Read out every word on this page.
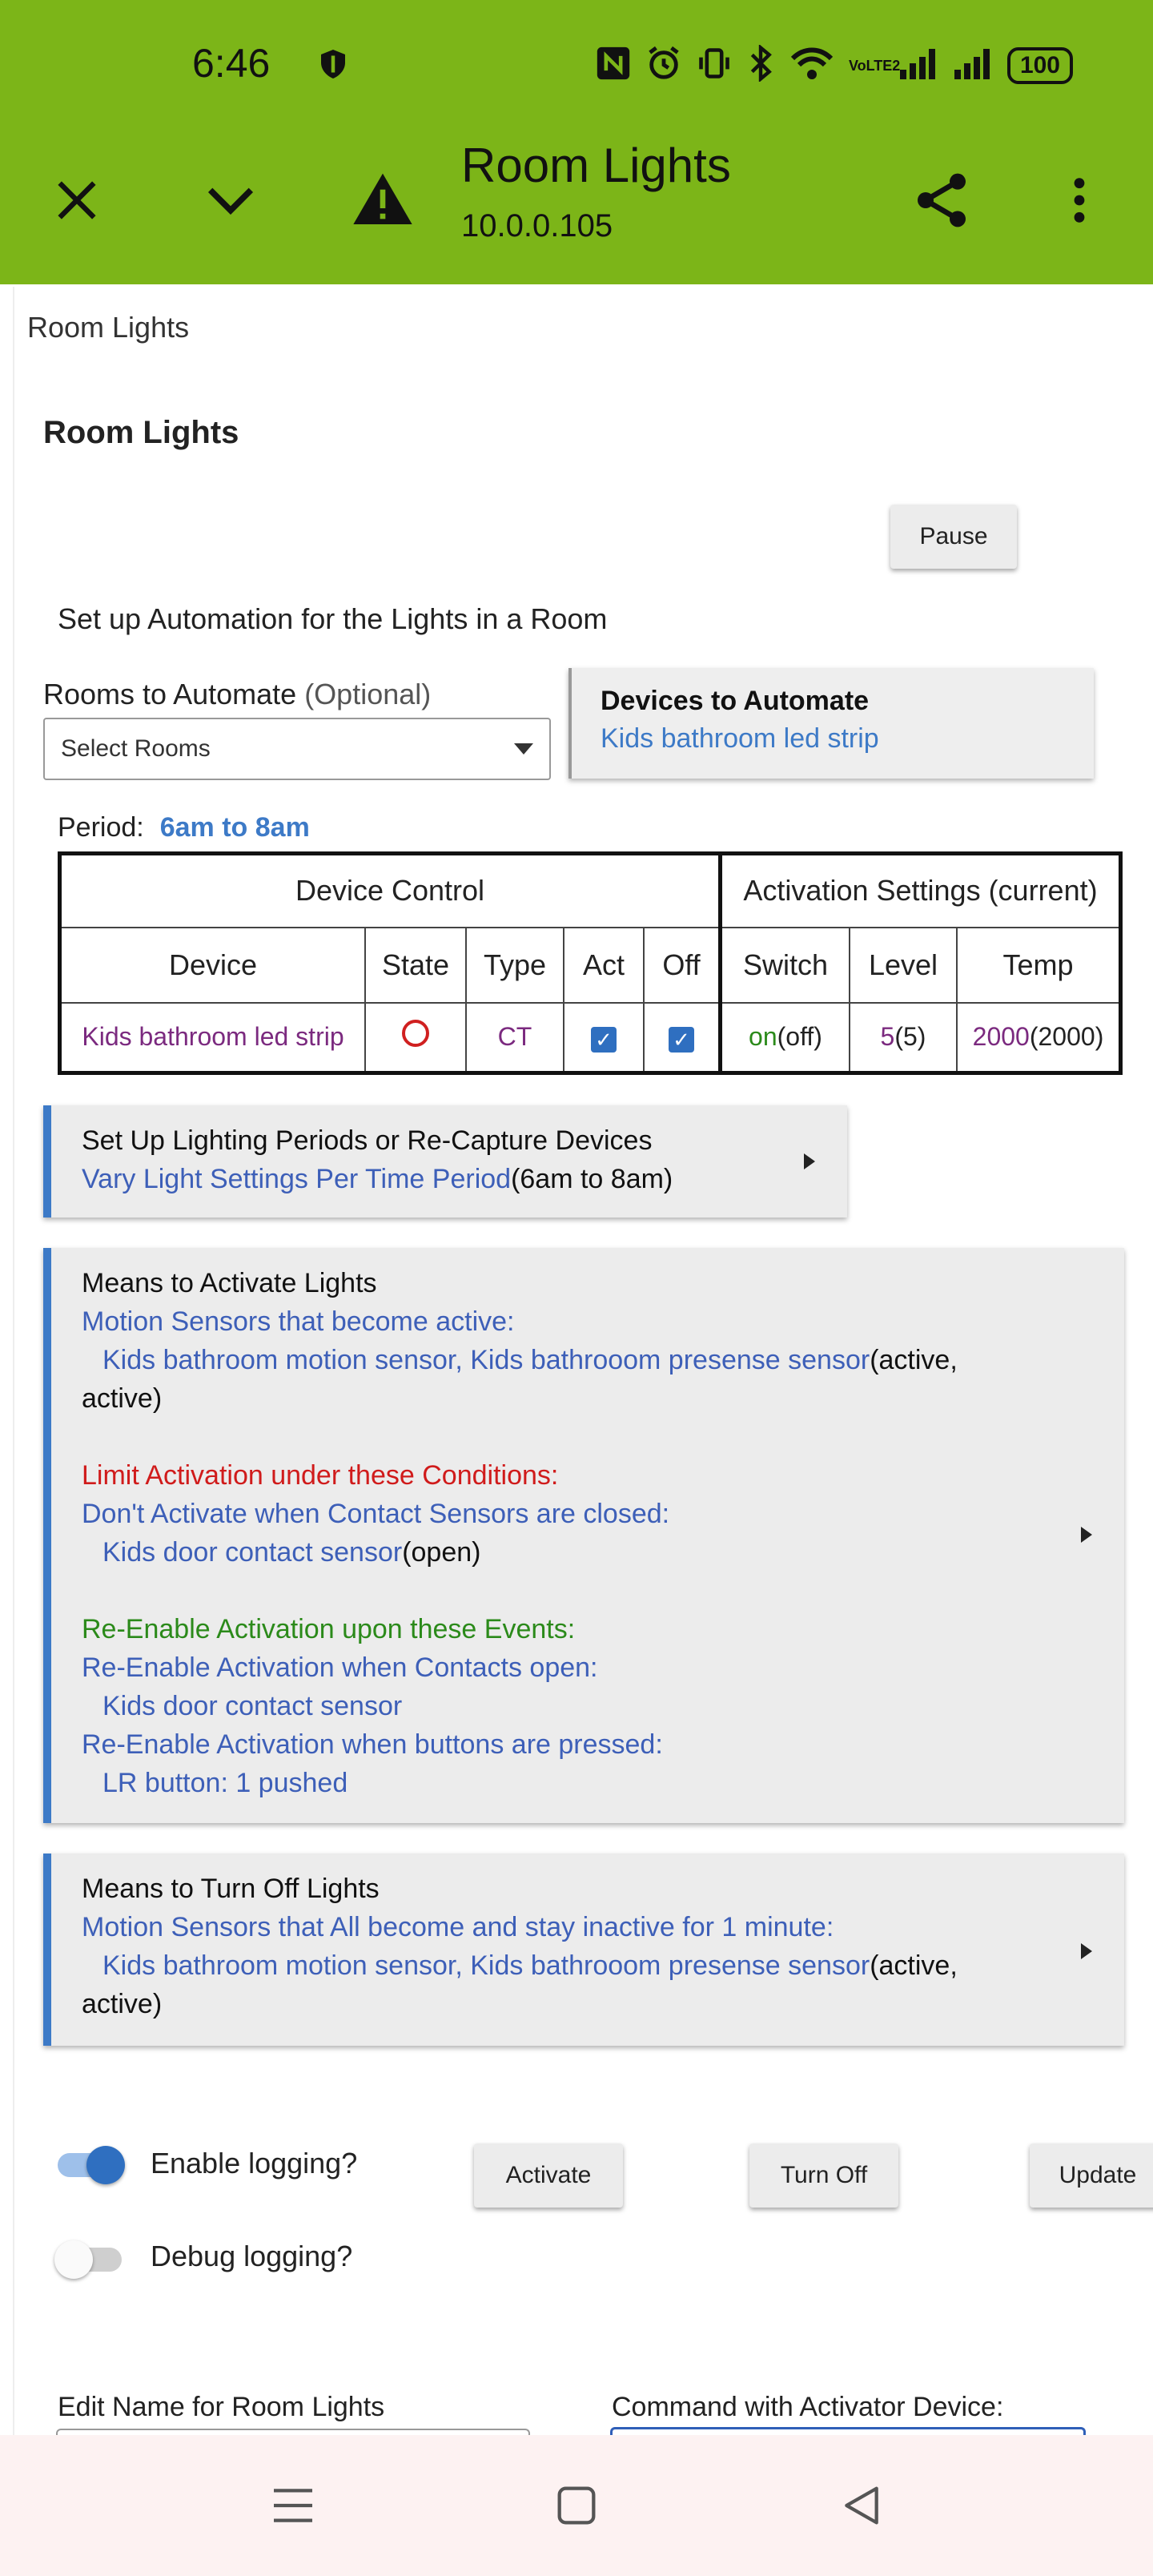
6:46	VoLTE2	100
Room Lights
10.0.0.105
Room Lights
Room Lights
Pause
Set up Automation for the Lights in a Room
Rooms to Automate (Optional)
Select Rooms
Devices to Automate
Kids bathroom led strip
Period: 6am to 8am
Device Control					Activation Settings (current)		
Device	State	Type	Act	Off	Switch	Level	Temp
Kids bathroom led strip		CT	✓	✓	on(off)	5(5)	2000(2000)
Set Up Lighting Periods or Re-Capture Devices
Vary Light Settings Per Time Period(6am to 8am)
Means to Activate Lights
Motion Sensors that become active:
Kids bathroom motion sensor, Kids bathrooom presense sensor(active,
active)
Limit Activation under these Conditions:
Don't Activate when Contact Sensors are closed:
Kids door contact sensor(open)
Re-Enable Activation upon these Events:
Re-Enable Activation when Contacts open:
Kids door contact sensor
Re-Enable Activation when buttons are pressed:
LR button: 1 pushed
Means to Turn Off Lights
Motion Sensors that All become and stay inactive for 1 minute:
Kids bathroom motion sensor, Kids bathrooom presense sensor(active,
active)
Enable logging?
Debug logging?
Activate	Turn Off	Update
Edit Name for Room Lights	Command with Activator Device:
